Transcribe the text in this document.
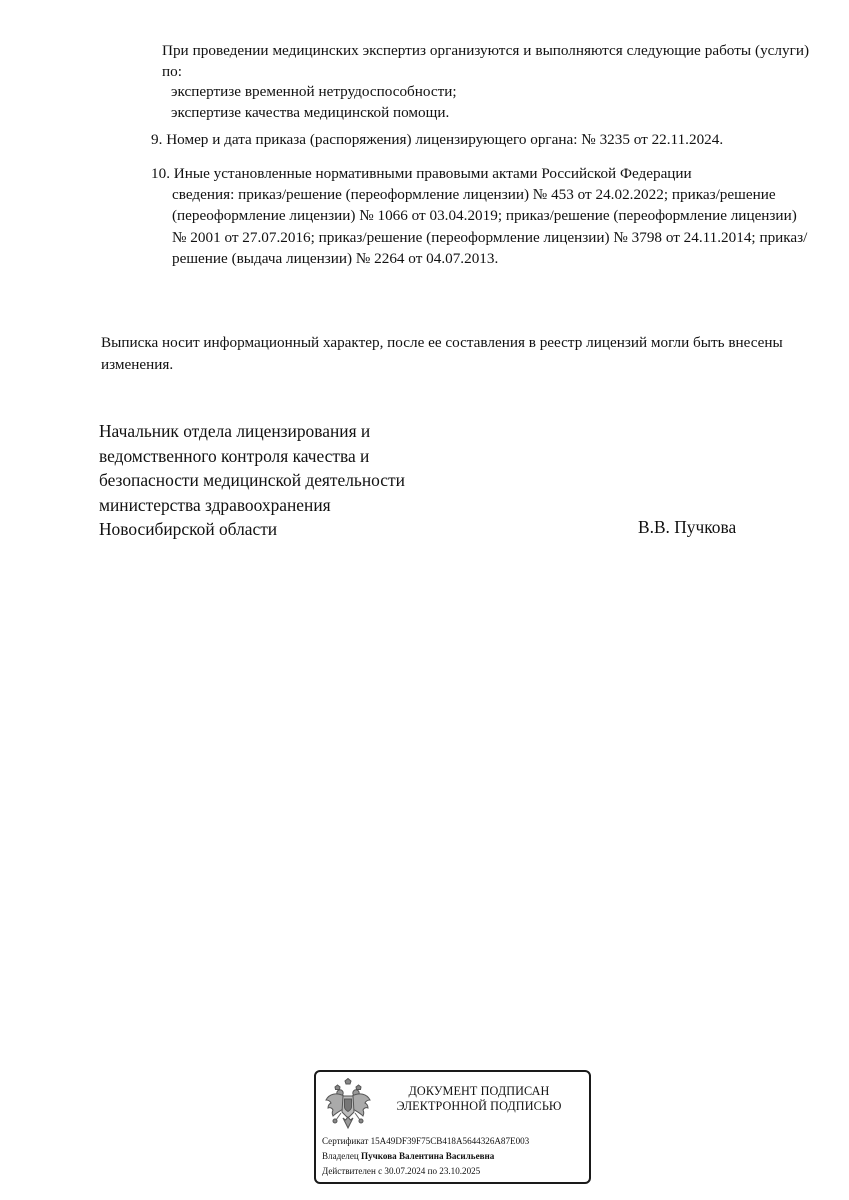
При проведении медицинских экспертиз организуются и выполняются следующие работы (услуги) по:

экспертизе временной нетрудоспособности;
экспертизе качества медицинской помощи.
9. Номер и дата приказа (распоряжения) лицензирующего органа: № 3235 от 22.11.2024.
10. Иные установленные нормативными правовыми актами Российской Федерации
сведения: приказ/решение (переоформление лицензии) № 453 от 24.02.2022; приказ/решение (переоформление лицензии) № 1066 от 03.04.2019; приказ/решение (переоформление лицензии) № 2001 от 27.07.2016; приказ/решение (переоформление лицензии) № 3798 от 24.11.2014; приказ/решение (выдача лицензии) № 2264 от 04.07.2013.
Выписка носит информационный характер, после ее составления в реестр лицензий могли быть внесены изменения.
Начальник отдела лицензирования и
ведомственного контроля качества и
безопасности медицинской деятельности
министерства здравоохранения
Новосибирской области	В.В. Пучкова
ДОКУМЕНТ ПОДПИСАН
ЭЛЕКТРОННОЙ ПОДПИСЬЮ
Сертификат 15A49DF39F75CB418A5644326A87E003
Владелец Пучкова Валентина Васильевна
Действителен с 30.07.2024 по 23.10.2025
